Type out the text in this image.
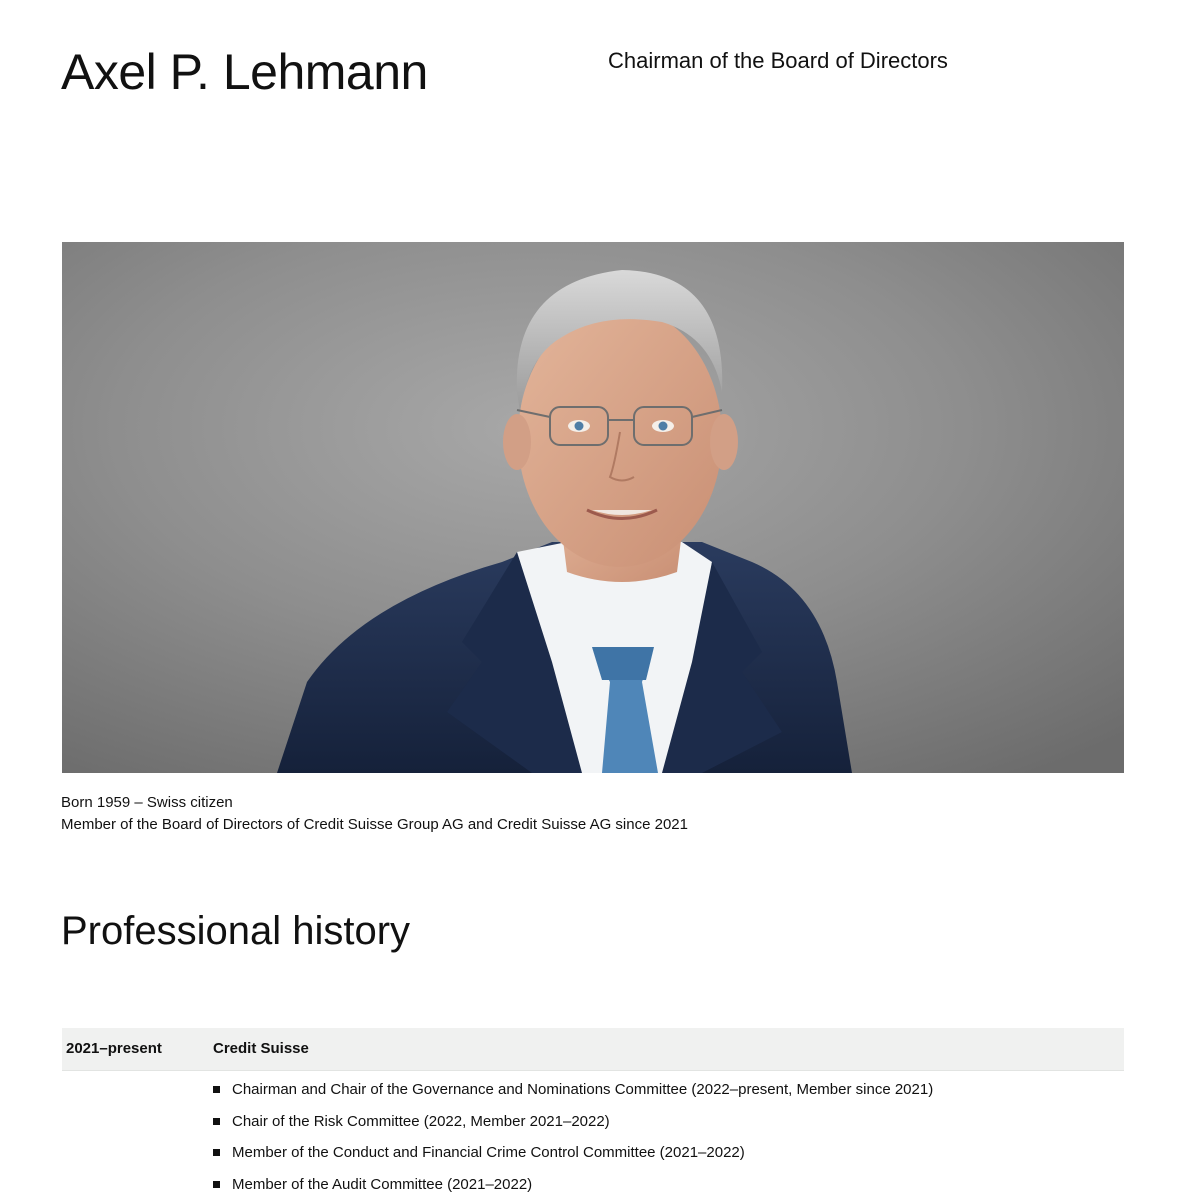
Axel P. Lehmann	Chairman of the Board of Directors

Born 1959 – Swiss citizen
Member of the Board of Directors of Credit Suisse Group AG and Credit Suisse AG since 2021
Professional history
2021–present	Credit Suisse
Chairman and Chair of the Governance and Nominations Committee (2022–present, Member since 2021)
Chair of the Risk Committee (2022, Member 2021–2022)
Member of the Conduct and Financial Crime Control Committee (2021–2022)
Member of the Audit Committee (2021–2022)
